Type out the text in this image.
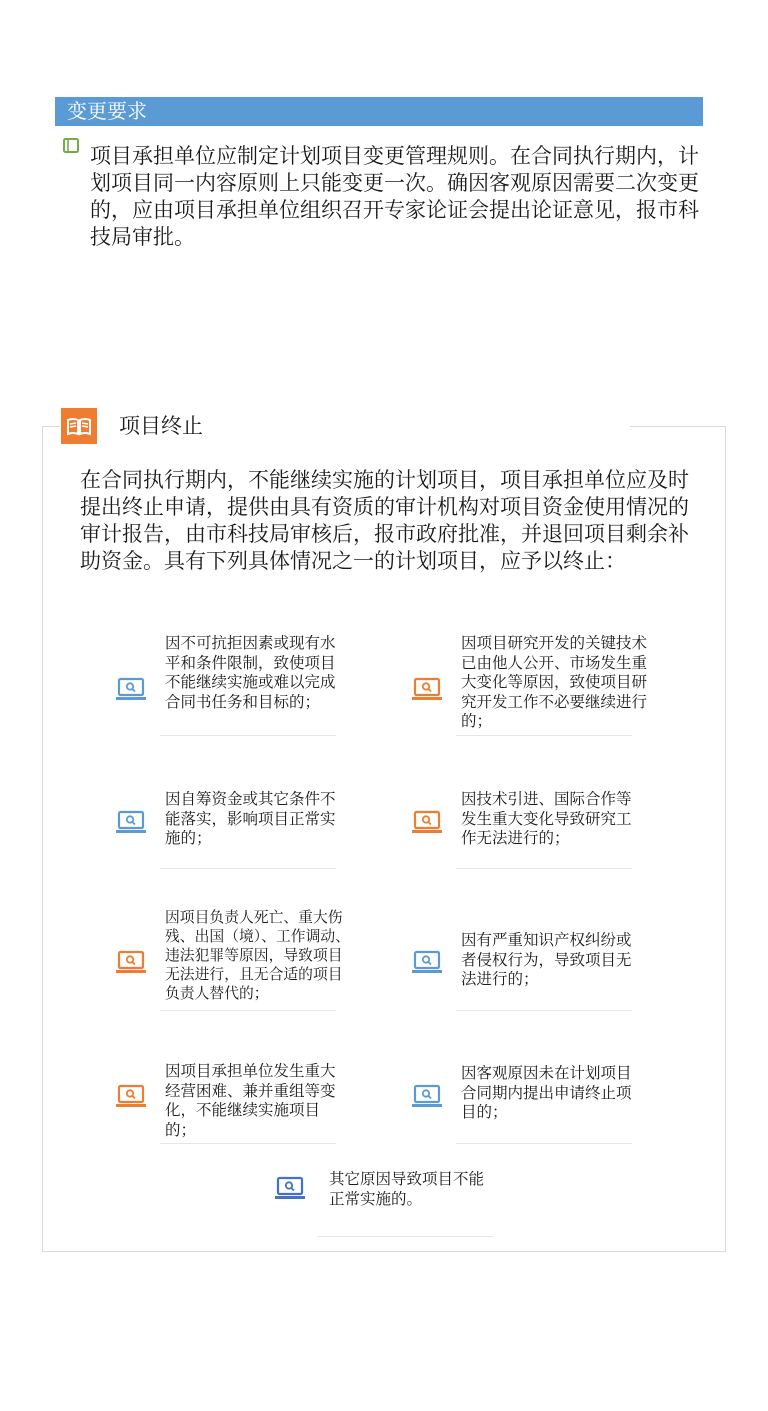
变更要求
项目承担单位应制定计划项目变更管理规则。在合同执行期内，计划项目同一内容原则上只能变更一次。确因客观原因需要二次变更的，应由项目承担单位组织召开专家论证会提出论证意见，报市科技局审批。
项目终止
在合同执行期内，不能继续实施的计划项目，项目承担单位应及时提出终止申请，提供由具有资质的审计机构对项目资金使用情况的审计报告，由市科技局审核后，报市政府批准，并退回项目剩余补助资金。具有下列具体情况之一的计划项目，应予以终止：
因不可抗拒因素或现有水平和条件限制，致使项目不能继续实施或难以完成合同书任务和目标的；
因项目研究开发的关键技术已由他人公开、市场发生重大变化等原因，致使项目研究开发工作不必要继续进行的；
因自筹资金或其它条件不能落实，影响项目正常实施的；
因技术引进、国际合作等发生重大变化导致研究工作无法进行的；
因项目负责人死亡、重大伤残、出国（境）、工作调动、违法犯罪等原因，导致项目无法进行，且无合适的项目负责人替代的；
因有严重知识产权纠纷或者侵权行为，导致项目无法进行的；
因项目承担单位发生重大经营困难、兼并重组等变化，不能继续实施项目的；
因客观原因未在计划项目合同期内提出申请终止项目的；
其它原因导致项目不能正常实施的。
